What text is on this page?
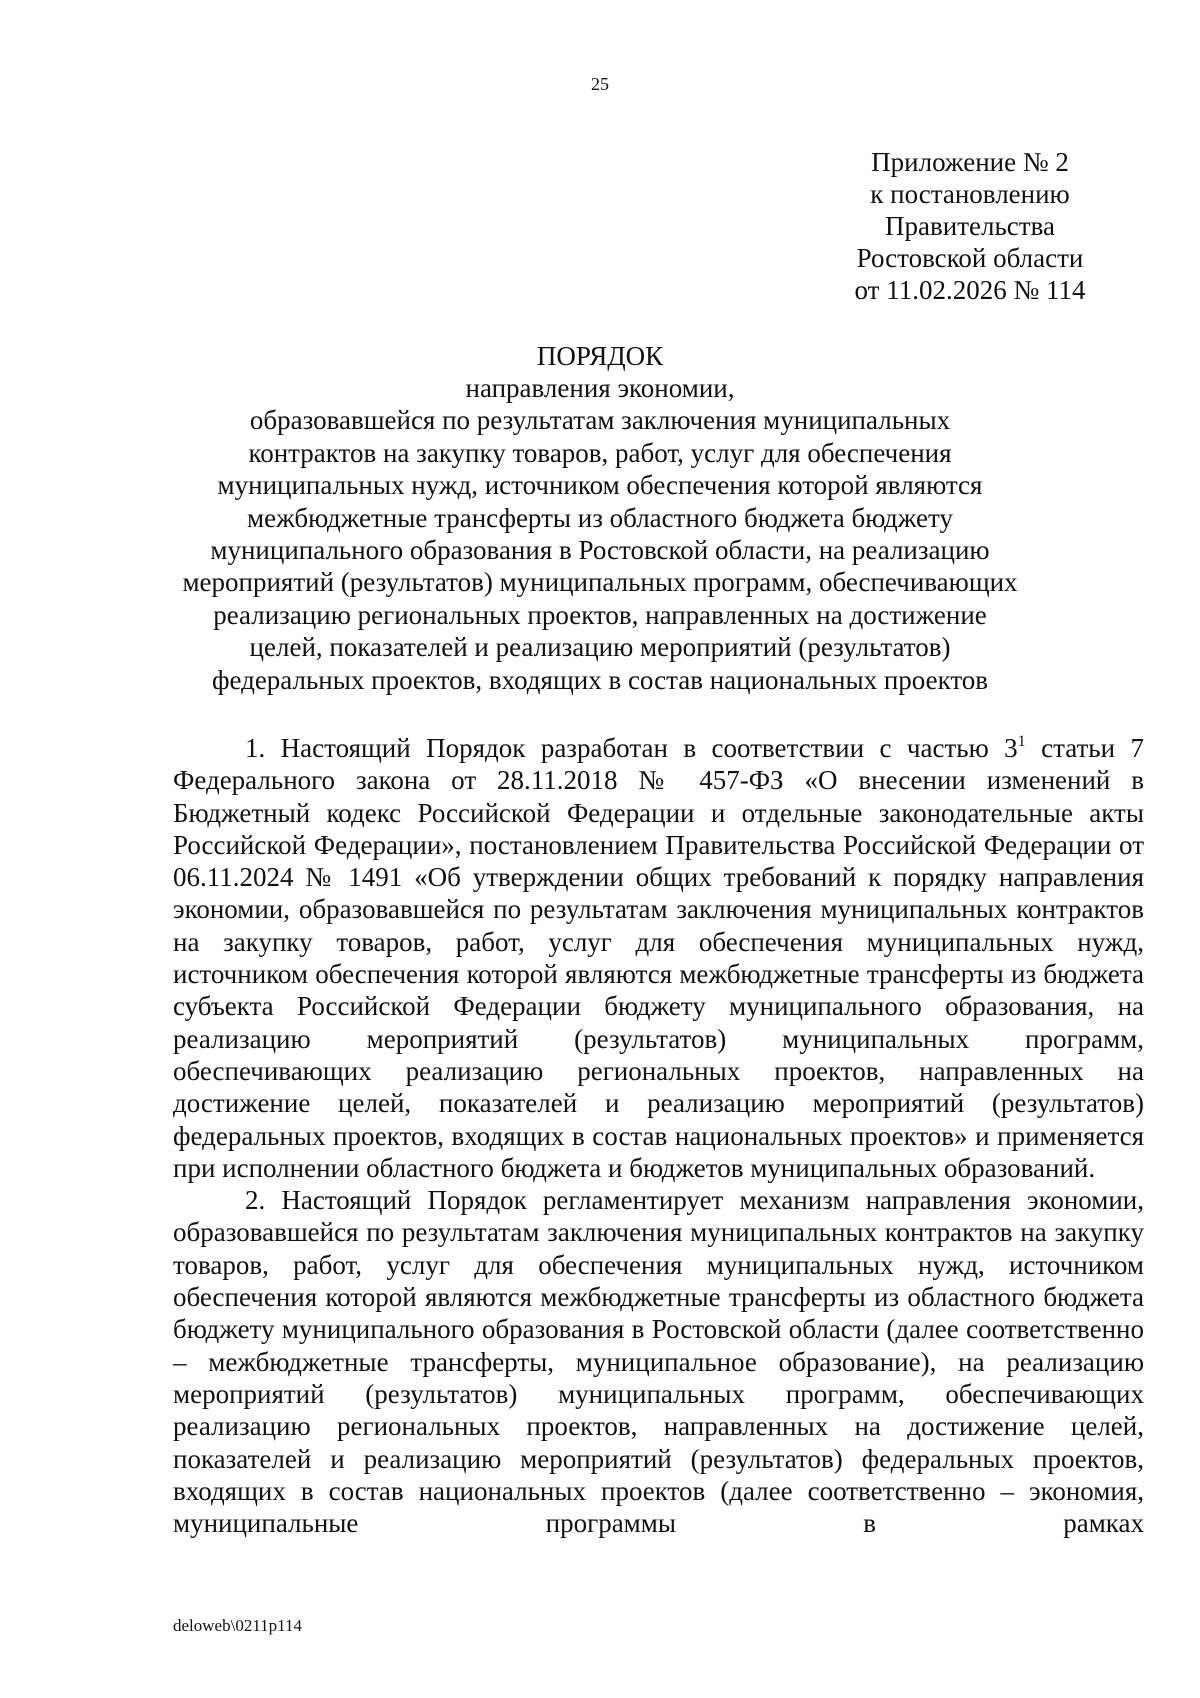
25
Приложение № 2
к постановлению
Правительства
Ростовской области
от 11.02.2026 № 114
ПОРЯДОК
направления экономии,
образовавшейся по результатам заключения муниципальных
контрактов на закупку товаров, работ, услуг для обеспечения
муниципальных нужд, источником обеспечения которой являются
межбюджетные трансферты из областного бюджета бюджету
муниципального образования в Ростовской области, на реализацию
мероприятий (результатов) муниципальных программ, обеспечивающих
реализацию региональных проектов, направленных на достижение
целей, показателей и реализацию мероприятий (результатов)
федеральных проектов, входящих в состав национальных проектов

1. Настоящий Порядок разработан в соответствии с частью 3$^1$ статьи 7 Федерального закона от 28.11.2018 № 457-ФЗ «О внесении изменений в Бюджетный кодекс Российской Федерации и отдельные законодательные акты Российской Федерации», постановлением Правительства Российской Федерации от 06.11.2024 № 1491 «Об утверждении общих требований к порядку направления экономии, образовавшейся по результатам заключения муниципальных контрактов на закупку товаров, работ, услуг для обеспечения муниципальных нужд, источником обеспечения которой являются межбюджетные трансферты из бюджета субъекта Российской Федерации бюджету муниципального образования, на реализацию мероприятий (результатов) муниципальных программ, обеспечивающих реализацию региональных проектов, направленных на достижение целей, показателей и реализацию мероприятий (результатов) федеральных проектов, входящих в состав национальных проектов» и применяется при исполнении областного бюджета и бюджетов муниципальных образований.

2. Настоящий Порядок регламентирует механизм направления экономии, образовавшейся по результатам заключения муниципальных контрактов на закупку товаров, работ, услуг для обеспечения муниципальных нужд, источником обеспечения которой являются межбюджетные трансферты из областного бюджета бюджету муниципального образования в Ростовской области (далее соответственно – межбюджетные трансферты, муниципальное образование), на реализацию мероприятий (результатов) муниципальных программ, обеспечивающих реализацию региональных проектов, направленных на достижение целей, показателей и реализацию мероприятий (результатов) федеральных проектов, входящих в состав национальных проектов (далее соответственно – экономия, муниципальные программы в рамках

deloweb\0211p114
